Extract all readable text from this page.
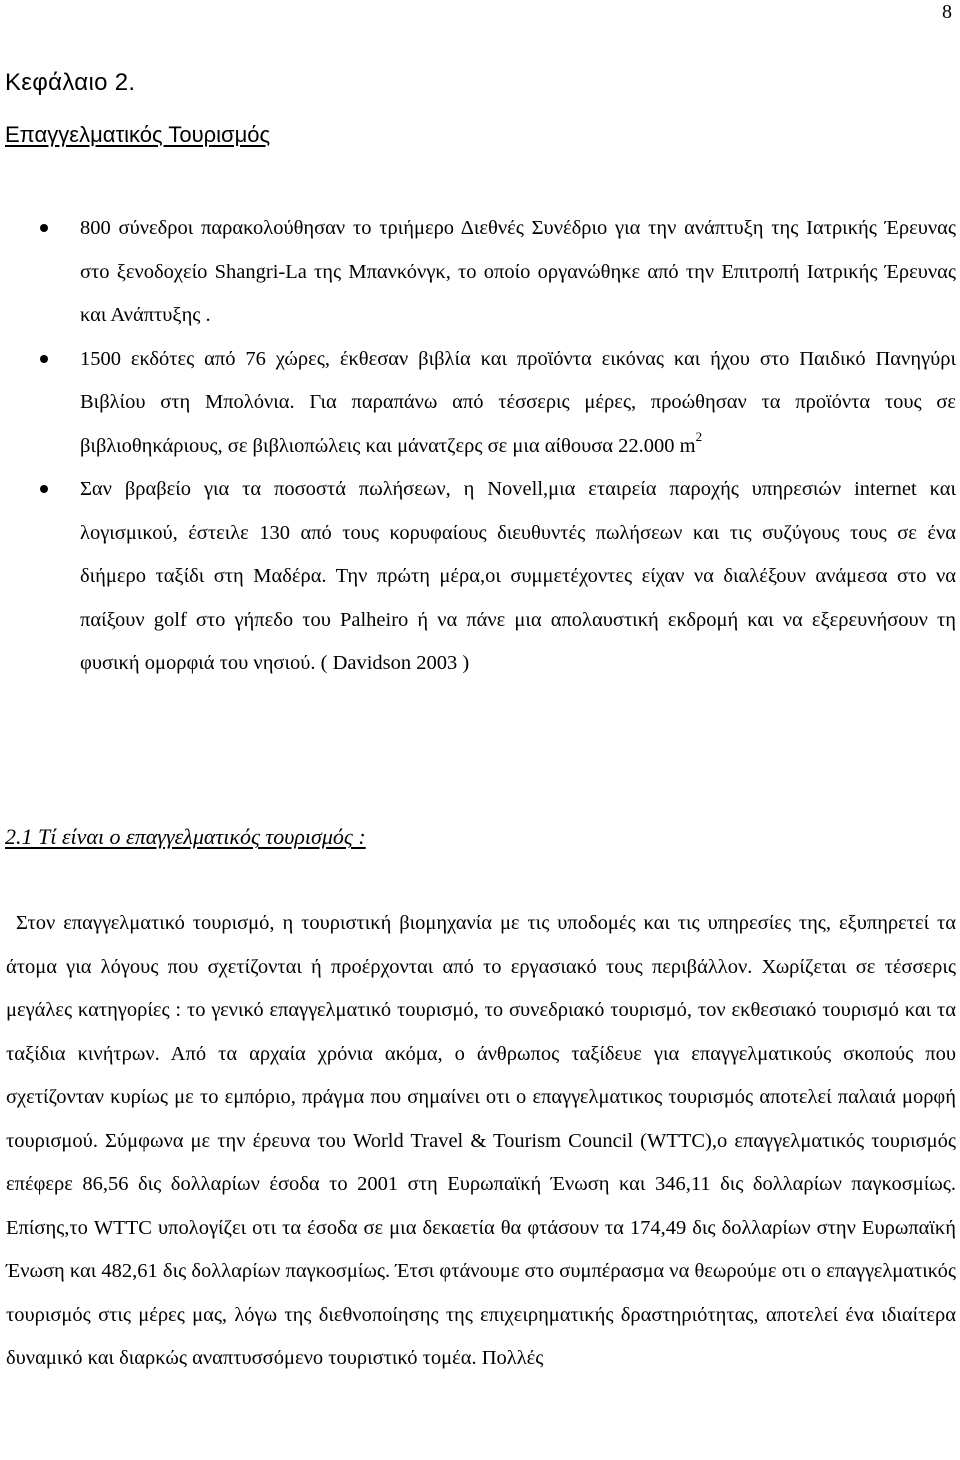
8
Κεφάλαιο 2.
Επαγγελματικός Τουρισμός
800 σύνεδροι παρακολούθησαν το τριήμερο Διεθνές Συνέδριο για την ανάπτυξη της Ιατρικής Έρευνας στο ξενοδοχείο Shangri-La της Μπανκόνγκ, το οποίο οργανώθηκε από την Επιτροπή Ιατρικής Έρευνας και Ανάπτυξης .
1500 εκδότες από 76 χώρες, έκθεσαν βιβλία και προϊόντα εικόνας και ήχου στο Παιδικό Πανηγύρι Βιβλίου στη Μπολόνια. Για παραπάνω από τέσσερις μέρες, προώθησαν τα προϊόντα τους σε βιβλιοθηκάριους, σε βιβλιοπώλεις και μάνατζερς σε μια αίθουσα 22.000 $m^2$
Σαν βραβείο για τα ποσοστά πωλήσεων, η Novell,μια εταιρεία παροχής υπηρεσιών internet και λογισμικού, έστειλε 130 από τους κορυφαίους διευθυντές πωλήσεων και τις συζύγους τους σε ένα διήμερο ταξίδι στη Μαδέρα. Την πρώτη μέρα,οι συμμετέχοντες είχαν να διαλέξουν ανάμεσα στο να παίξουν golf στο γήπεδο του Palheiro ή να πάνε μια απολαυστική εκδρομή και να εξερευνήσουν τη φυσική ομορφιά του νησιού. ( Davidson 2003 )
2.1 Τί είναι ο επαγγελματικός τουρισμός :

Στον επαγγελματικό τουρισμό, η τουριστική βιομηχανία με τις υποδομές και τις υπηρεσίες της, εξυπηρετεί τα άτομα για λόγους που σχετίζονται ή προέρχονται από το εργασιακό τους περιβάλλον. Χωρίζεται σε τέσσερις μεγάλες κατηγορίες : το γενικό επαγγελματικό τουρισμό, το συνεδριακό τουρισμό, τον εκθεσιακό τουρισμό και τα ταξίδια κινήτρων. Από τα αρχαία χρόνια ακόμα, ο άνθρωπος ταξίδευε για επαγγελματικούς σκοπούς που σχετίζονταν κυρίως με το εμπόριο, πράγμα που σημαίνει οτι ο επαγγελματικος τουρισμός αποτελεί παλαιά μορφή τουρισμού. Σύμφωνα με την έρευνα του World Travel & Tourism Council (WTTC),ο επαγγελματικός τουρισμός επέφερε 86,56 δις δολλαρίων έσοδα το 2001 στη Ευρωπαϊκή Ένωση και 346,11 δις δολλαρίων παγκοσμίως. Επίσης,το WTTC υπολογίζει οτι τα έσοδα σε μια δεκαετία θα φτάσουν τα 174,49 δις δολλαρίων στην Ευρωπαϊκή Ένωση και 482,61 δις δολλαρίων παγκοσμίως. Έτσι φτάνουμε στο συμπέρασμα να θεωρούμε οτι ο επαγγελματικός τουρισμός στις μέρες μας, λόγω της διεθνοποίησης της επιχειρηματικής δραστηριότητας, αποτελεί ένα ιδιαίτερα δυναμικό και διαρκώς αναπτυσσόμενο τουριστικό τομέα. Πολλές
